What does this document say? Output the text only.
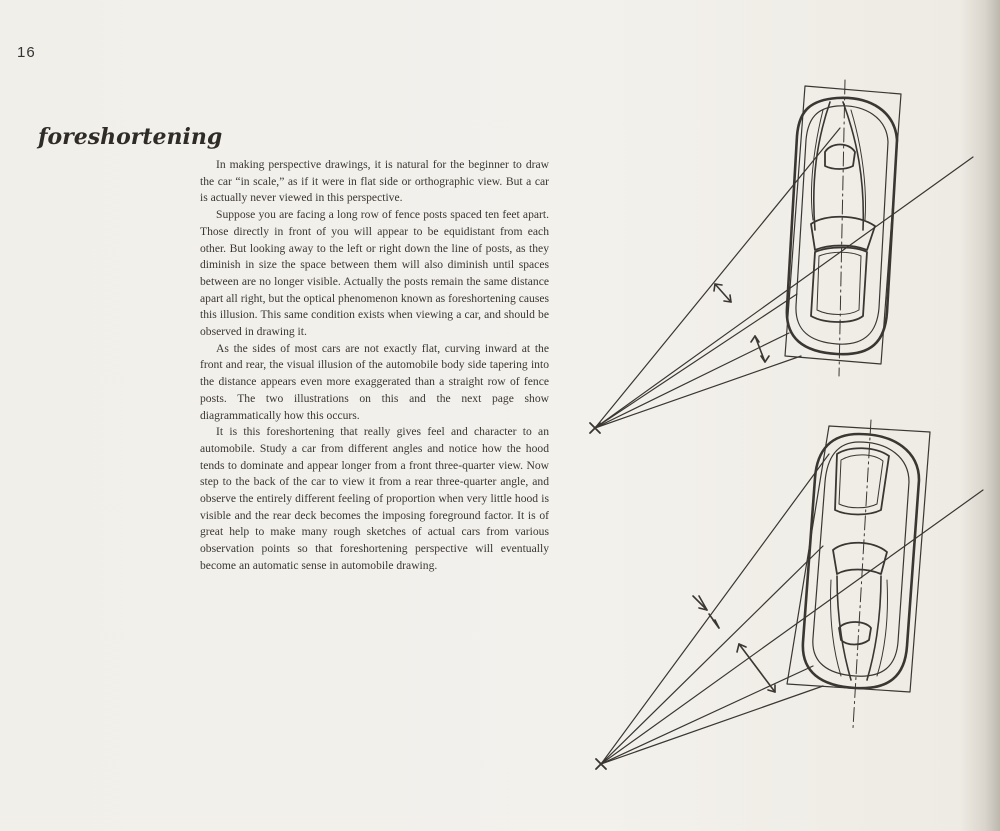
16
foreshortening

In making perspective drawings, it is natural for the beginner to draw the car “in scale,” as if it were in flat side or orthographic view. But a car is actually never viewed in this perspective.

Suppose you are facing a long row of fence posts spaced ten feet apart. Those directly in front of you will appear to be equidistant from each other. But looking away to the left or right down the line of posts, as they diminish in size the space between them will also diminish until spaces between are no longer visible. Actually the posts remain the same distance apart all right, but the optical phenomenon known as foreshortening causes this illusion. This same condition exists when viewing a car, and should be observed in drawing it.

As the sides of most cars are not exactly flat, curving inward at the front and rear, the visual illusion of the automobile body side tapering into the distance appears even more exaggerated than a straight row of fence posts. The two illustrations on this and the next page show diagrammatically how this occurs.

It is this foreshortening that really gives feel and character to an automobile. Study a car from different angles and notice how the hood tends to dominate and appear longer from a front three-quarter view. Now step to the back of the car to view it from a rear three-quarter angle, and observe the entirely different feeling of proportion when very little hood is visible and the rear deck becomes the imposing foreground factor. It is of great help to make many rough sketches of actual cars from various observation points so that foreshortening perspective will eventually become an automatic sense in automobile drawing.
